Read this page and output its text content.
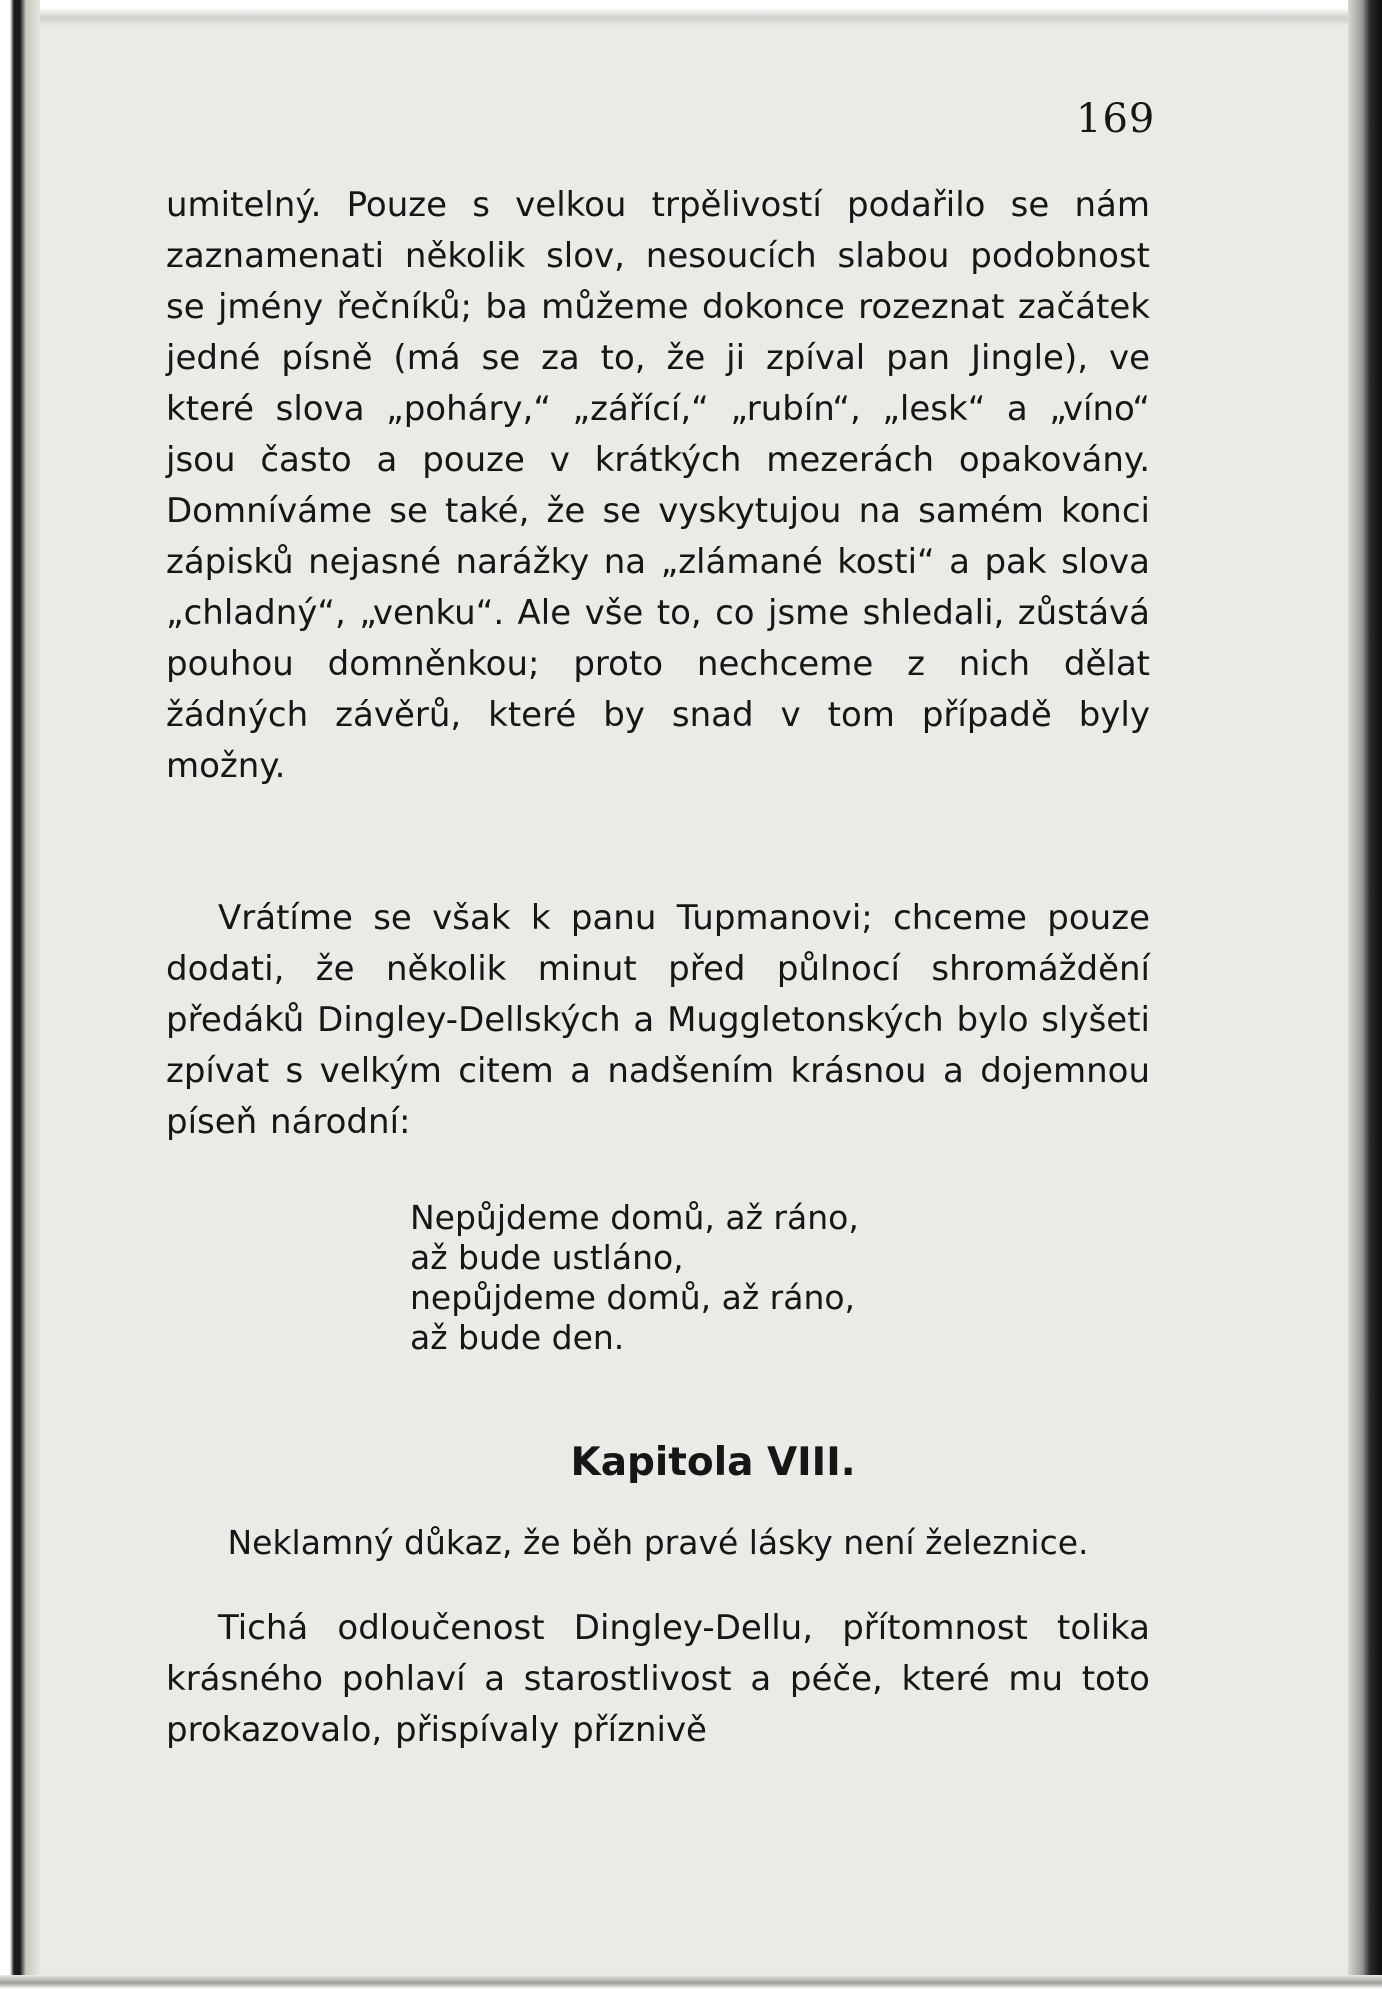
169

umitelný. Pouze s velkou trpělivostí podařilo se nám zaznamenati několik slov, nesoucích slabou podobnost se jmény řečníků; ba můžeme dokonce rozeznat začátek jedné písně (má se za to, že ji zpíval pan Jingle), ve které slova „poháry,“ „zářící,“ „rubín“, „lesk“ a „víno“ jsou často a pouze v krátkých mezerách opakovány. Domníváme se také, že se vyskytujou na samém konci zápisků nejasné narážky na „zlámané kosti“ a pak slova „chladný“, „venku“. Ale vše to, co jsme shledali, zůstává pouhou domněnkou; proto nechceme z nich dělat žádných závěrů, které by snad v tom případě byly možny.

Vrátíme se však k panu Tupmanovi; chceme pouze dodati, že několik minut před půlnocí shromáždění předáků Dingley-Dellských a Muggletonských bylo slyšeti zpívat s velkým citem a nadšením krásnou a dojemnou píseň národní:

Nepůjdeme domů, až ráno,
až bude ustláno,
nepůjdeme domů, až ráno,
až bude den.
Kapitola VIII.
Neklamný důkaz, že běh pravé lásky není železnice.

Tichá odloučenost Dingley-Dellu, přítomnost tolika krásného pohlaví a starostlivost a péče, které mu toto prokazovalo, přispívaly příznivě
